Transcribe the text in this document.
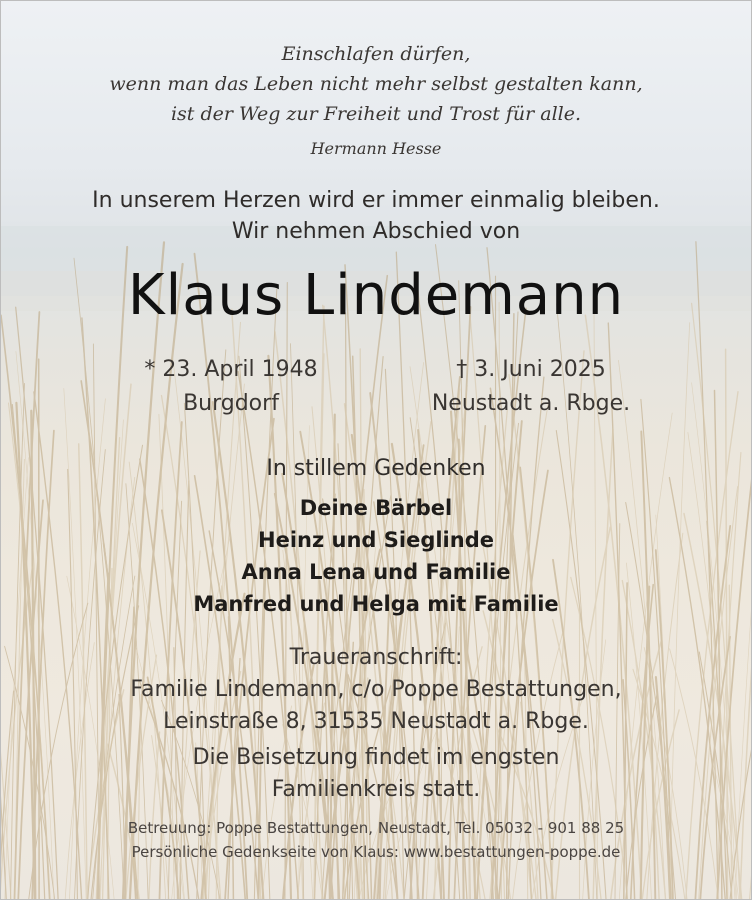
Einschlafen dürfen,
wenn man das Leben nicht mehr selbst gestalten kann,
ist der Weg zur Freiheit und Trost für alle.
Hermann Hesse
In unserem Herzen wird er immer einmalig bleiben.
Wir nehmen Abschied von
Klaus Lindemann
* 23. April 1948
Burgdorf
† 3. Juni 2025
Neustadt a. Rbge.
In stillem Gedenken
Deine Bärbel
Heinz und Sieglinde
Anna Lena und Familie
Manfred und Helga mit Familie
Traueranschrift:
Familie Lindemann, c/o Poppe Bestattungen,
Leinstraße 8, 31535 Neustadt a. Rbge.
Die Beisetzung findet im engsten
Familienkreis statt.
Betreuung: Poppe Bestattungen, Neustadt, Tel. 05032 - 901 88 25
Persönliche Gedenkseite von Klaus: www.bestattungen-poppe.de
